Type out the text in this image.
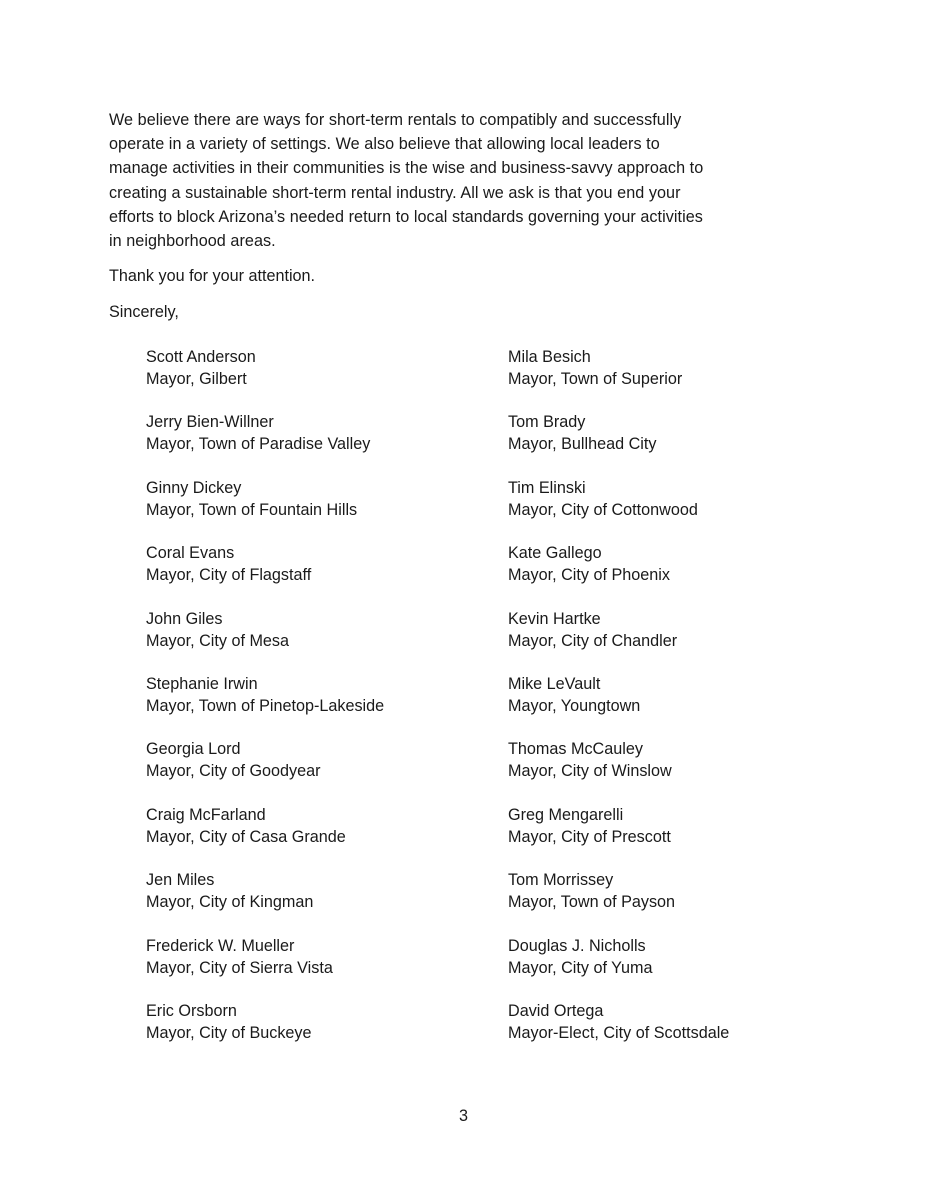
We believe there are ways for short-term rentals to compatibly and successfully
operate in a variety of settings. We also believe that allowing local leaders to
manage activities in their communities is the wise and business-savvy approach to
creating a sustainable short-term rental industry. All we ask is that you end your
efforts to block Arizona’s needed return to local standards governing your activities
in neighborhood areas.

Thank you for your attention.

Sincerely,

Scott Anderson
Mayor, Gilbert
Mila Besich
Mayor, Town of Superior
Jerry Bien-Willner
Mayor, Town of Paradise Valley
Tom Brady
Mayor, Bullhead City
Ginny Dickey
Mayor, Town of Fountain Hills
Tim Elinski
Mayor, City of Cottonwood
Coral Evans
Mayor, City of Flagstaff
Kate Gallego
Mayor, City of Phoenix
John Giles
Mayor, City of Mesa
Kevin Hartke
Mayor, City of Chandler
Stephanie Irwin
Mayor, Town of Pinetop-Lakeside
Mike LeVault
Mayor, Youngtown
Georgia Lord
Mayor, City of Goodyear
Thomas McCauley
Mayor, City of Winslow
Craig McFarland
Mayor, City of Casa Grande
Greg Mengarelli
Mayor, City of Prescott
Jen Miles
Mayor, City of Kingman
Tom Morrissey
Mayor, Town of Payson
Frederick W. Mueller
Mayor, City of Sierra Vista
Douglas J. Nicholls
Mayor, City of Yuma
Eric Orsborn
Mayor, City of Buckeye
David Ortega
Mayor-Elect, City of Scottsdale
3
